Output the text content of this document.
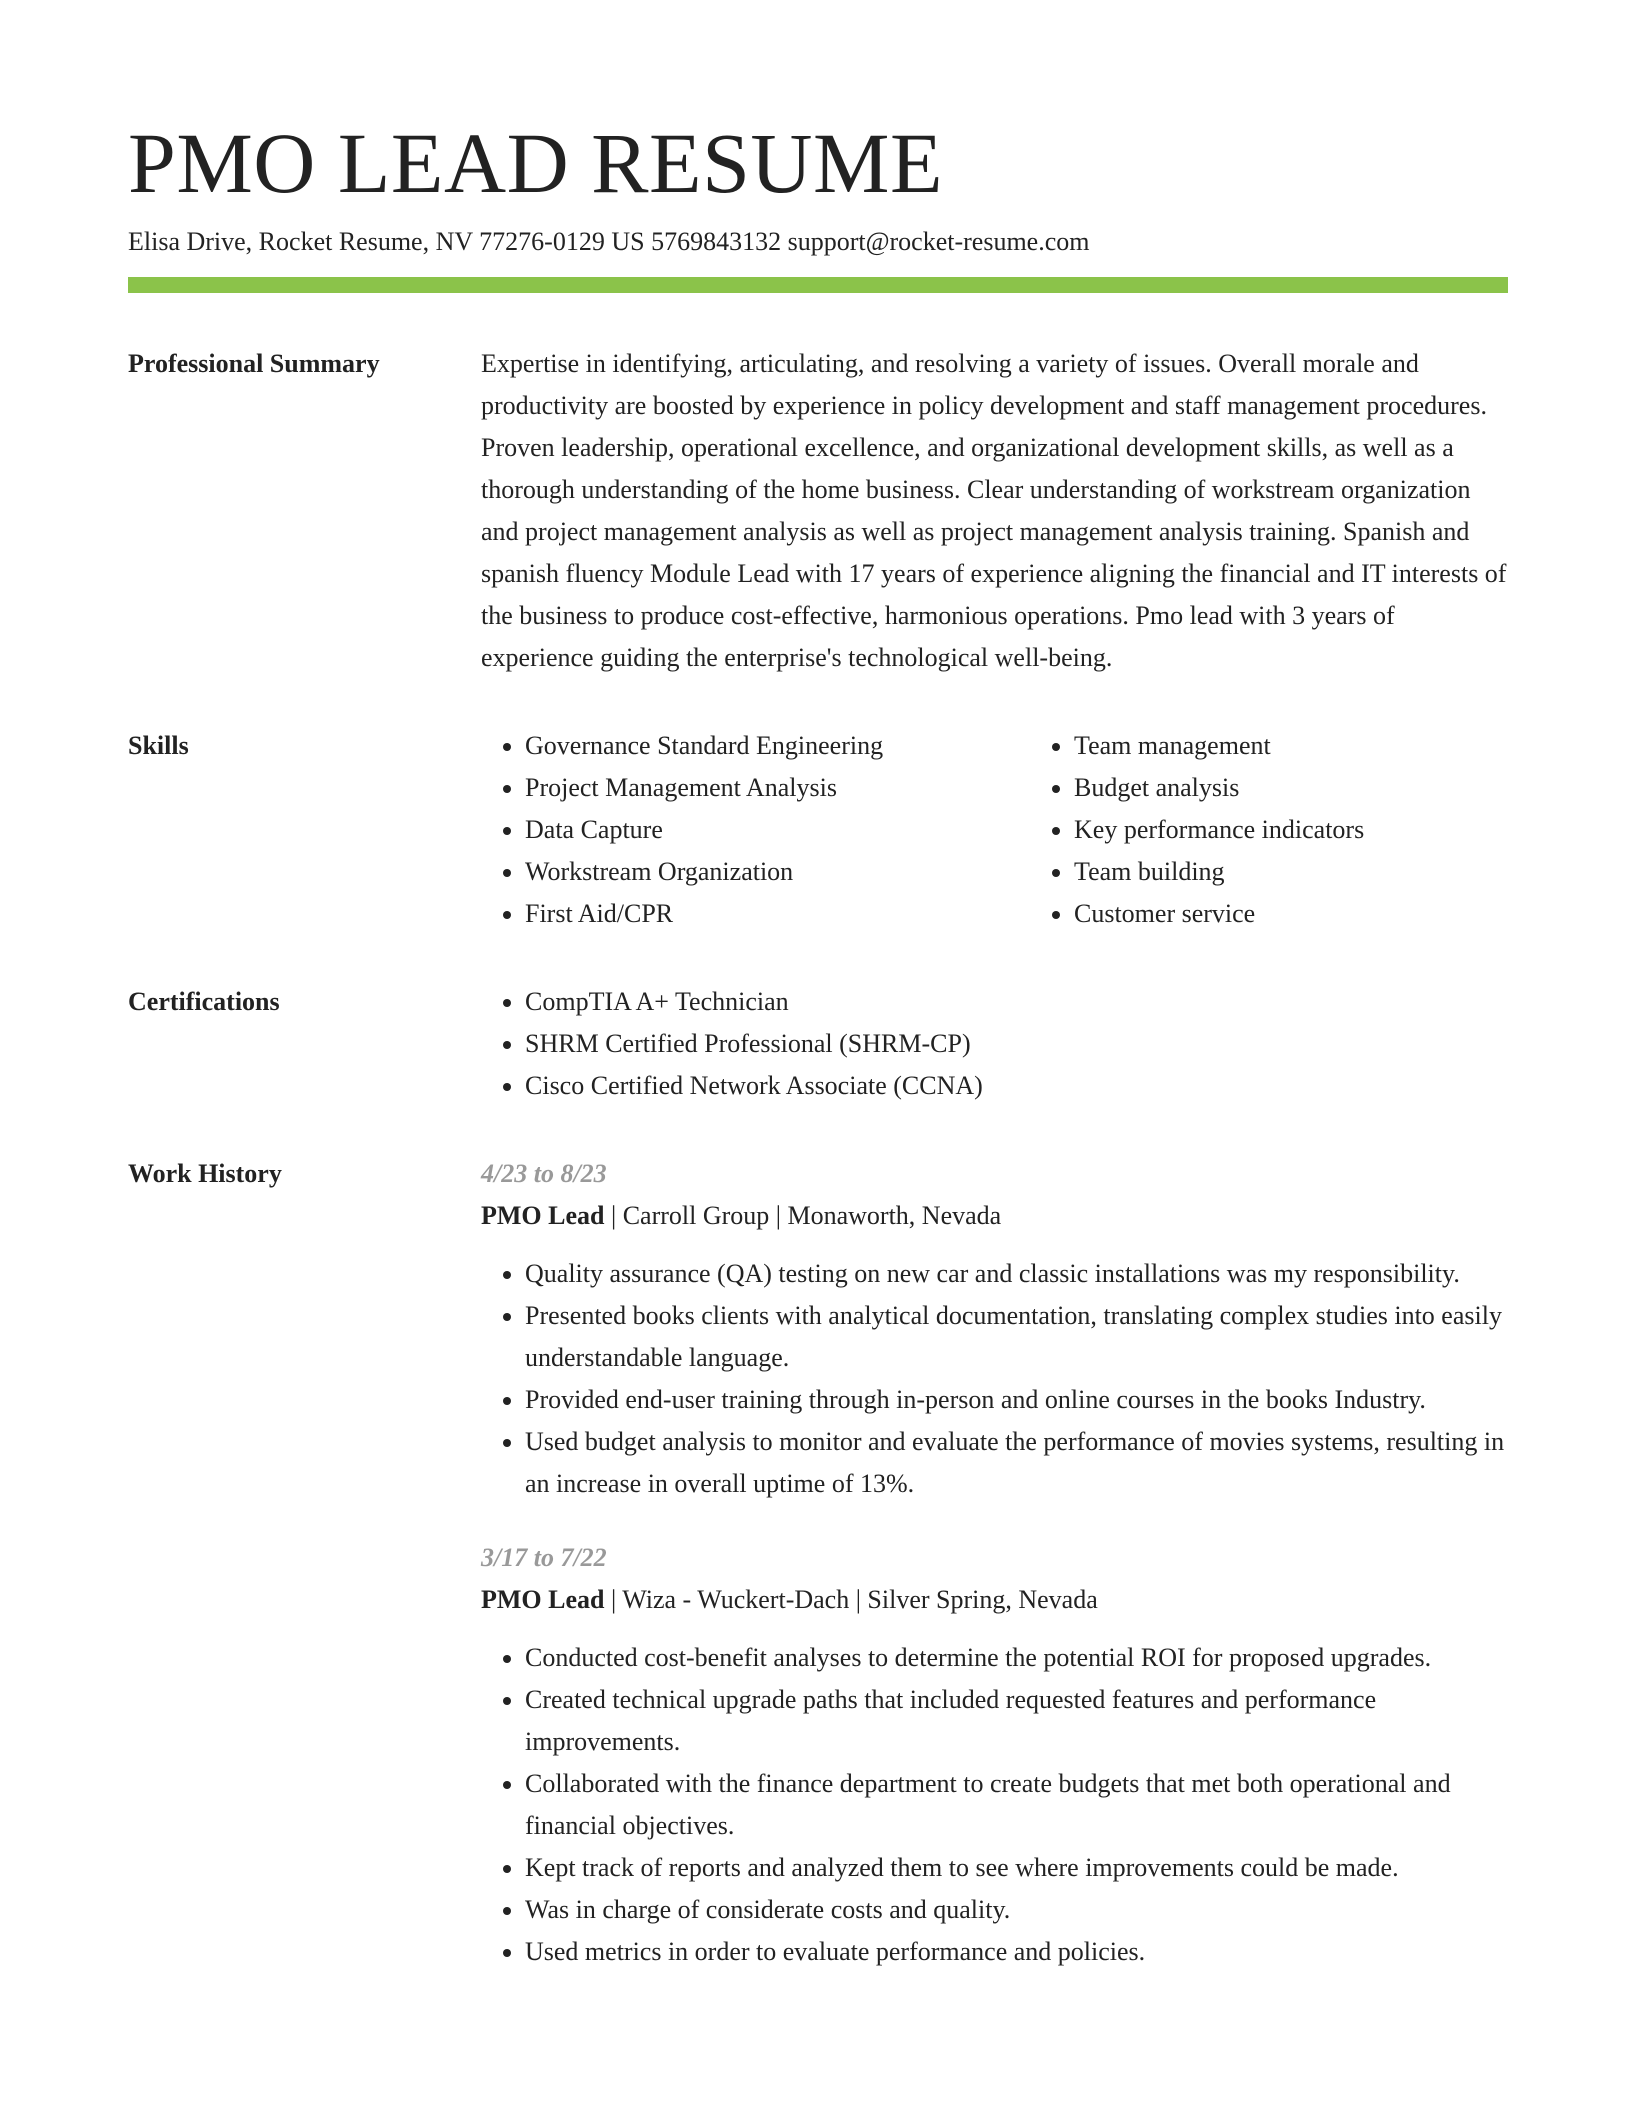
PMO LEAD RESUME
Elisa Drive, Rocket Resume, NV 77276-0129 US 5769843132 support@rocket-resume.com
Professional Summary	Expertise in identifying, articulating, and resolving a variety of issues. Overall morale and productivity are boosted by experience in policy development and staff management procedures. Proven leadership, operational excellence, and organizational development skills, as well as a thorough understanding of the home business. Clear understanding of workstream organization and project management analysis as well as project management analysis training. Spanish and spanish fluency Module Lead with 17 years of experience aligning the financial and IT interests of the business to produce cost-effective, harmonious operations. Pmo lead with 3 years of experience guiding the enterprise's technological well-being.

Skills	• Governance Standard Engineering
• Project Management Analysis
• Data Capture
• Workstream Organization
• First Aid/CPR
• Team management
• Budget analysis
• Key performance indicators
• Team building
• Customer service
Certifications	• CompTIA A+ Technician
• SHRM Certified Professional (SHRM-CP)
• Cisco Certified Network Associate (CCNA)
Work History	4/23 to 8/23
PMO Lead | Carroll Group | Monaworth, Nevada
• Quality assurance (QA) testing on new car and classic installations was my responsibility.
• Presented books clients with analytical documentation, translating complex studies into easily understandable language.
• Provided end-user training through in-person and online courses in the books Industry.
• Used budget analysis to monitor and evaluate the performance of movies systems, resulting in an increase in overall uptime of 13%.
3/17 to 7/22
PMO Lead | Wiza - Wuckert-Dach | Silver Spring, Nevada
• Conducted cost-benefit analyses to determine the potential ROI for proposed upgrades.
• Created technical upgrade paths that included requested features and performance improvements.
• Collaborated with the finance department to create budgets that met both operational and financial objectives.
• Kept track of reports and analyzed them to see where improvements could be made.
• Was in charge of considerate costs and quality.
• Used metrics in order to evaluate performance and policies.
